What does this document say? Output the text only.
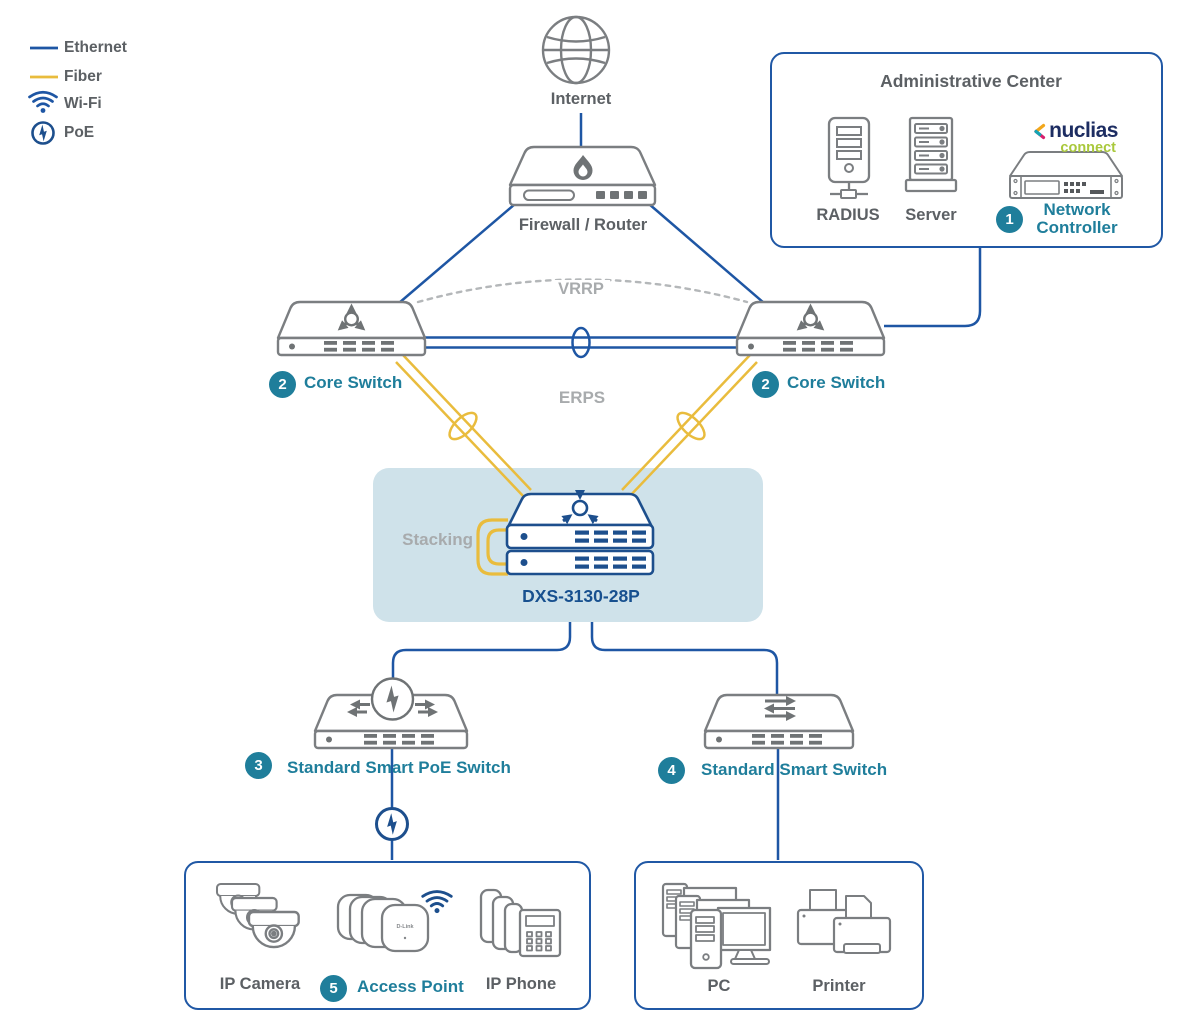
D-Link
Ethernet
Fiber
Wi-Fi
PoE
Internet
Firewall / Router
Administrative Center
RADIUS Server	1
Network Controller
nuclias
connect
2	Core Switch	2	Core Switch
VRRP
ERPS
Stacking
DXS-3130-28P
3	Standard Smart PoE Switch	4	Standard Smart Switch
IP Camera	5	Access Point IP Phone	PC	Printer
